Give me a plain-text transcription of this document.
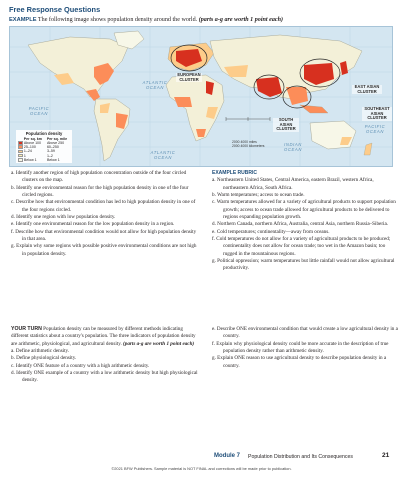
Free Response Questions
EXAMPLE The following image shows population density around the world. (parts a-g are worth 1 point each)
EUROPEAN CLUSTER
EAST ASIAN CLUSTER
SOUTHEAST ASIAN CLUSTER
SOUTH ASIAN CLUSTER
ATLANTIC OCEAN
PACIFIC OCEAN
PACIFIC OCEAN
INDIAN OCEAN
ATLANTIC OCEAN
Population density
Per sq. km	Per sq. mile
Above 100	Above 250
25–100	60–250
1–24	3–59
1	1–2
Below 1	Below 1
2000 4000 miles
2000 4000 kilometers
a. Identify another region of high population concentration outside of the four circled clusters on the map.
b. Identify one environmental reason for the high population density in one of the four circled regions.
c. Describe how that environmental condition has led to high population density in one of the four regions circled.
d. Identify one region with low population density.
e. Identify one environmental reason for the low population density in a region.
f. Describe how that environmental condition would not allow for high population density in that area.
g. Explain why some regions with possible positive environmental conditions are not high in population density.
EXAMPLE RUBRIC
a. Northeastern United States, Central America, eastern Brazil, western Africa, northeastern Africa, South Africa.
b. Warm temperatures; access to ocean trade.
c. Warm temperatures allowed for a variety of agricultural products to support population growth; access to ocean trade allowed for agricultural products to be delivered to regions expanding population growth.
d. Northern Canada, northern Africa, Australia, central Asia, northern Russia–Siberia.
e. Cold temperatures; continentality—away from oceans.
f. Cold temperatures do not allow for a variety of agricultural products to be produced; continentality does not allow for ocean trade; too wet in the Amazon basin; too rugged in the mountainous regions.
g. Political oppression; warm temperatures but little rainfall would not allow agricultural productivity.
YOUR TURN Population density can be measured by different methods indicating different statistics about a country's population. The three indicators of population density are arithmetic, physiological, and agricultural density. (parts a-g are worth 1 point each)
a. Define arithmetic density.
b. Define physiological density.
c. Identify ONE feature of a country with a high arithmetic density.
d. Identify ONE example of a country with a low arithmetic density but high physiological density.
e. Describe ONE environmental condition that would create a low agricultural density in a country.
f. Explain why physiological density could be more accurate in the description of true population density rather than arithmetic density.
g. Explain ONE reason to use agricultural density to describe population density in a country.
Module 7 Population Distribution and Its Consequences	21
©2021 BFW Publishers. Sample material is NOT FINAL and corrections will be made prior to publication.
